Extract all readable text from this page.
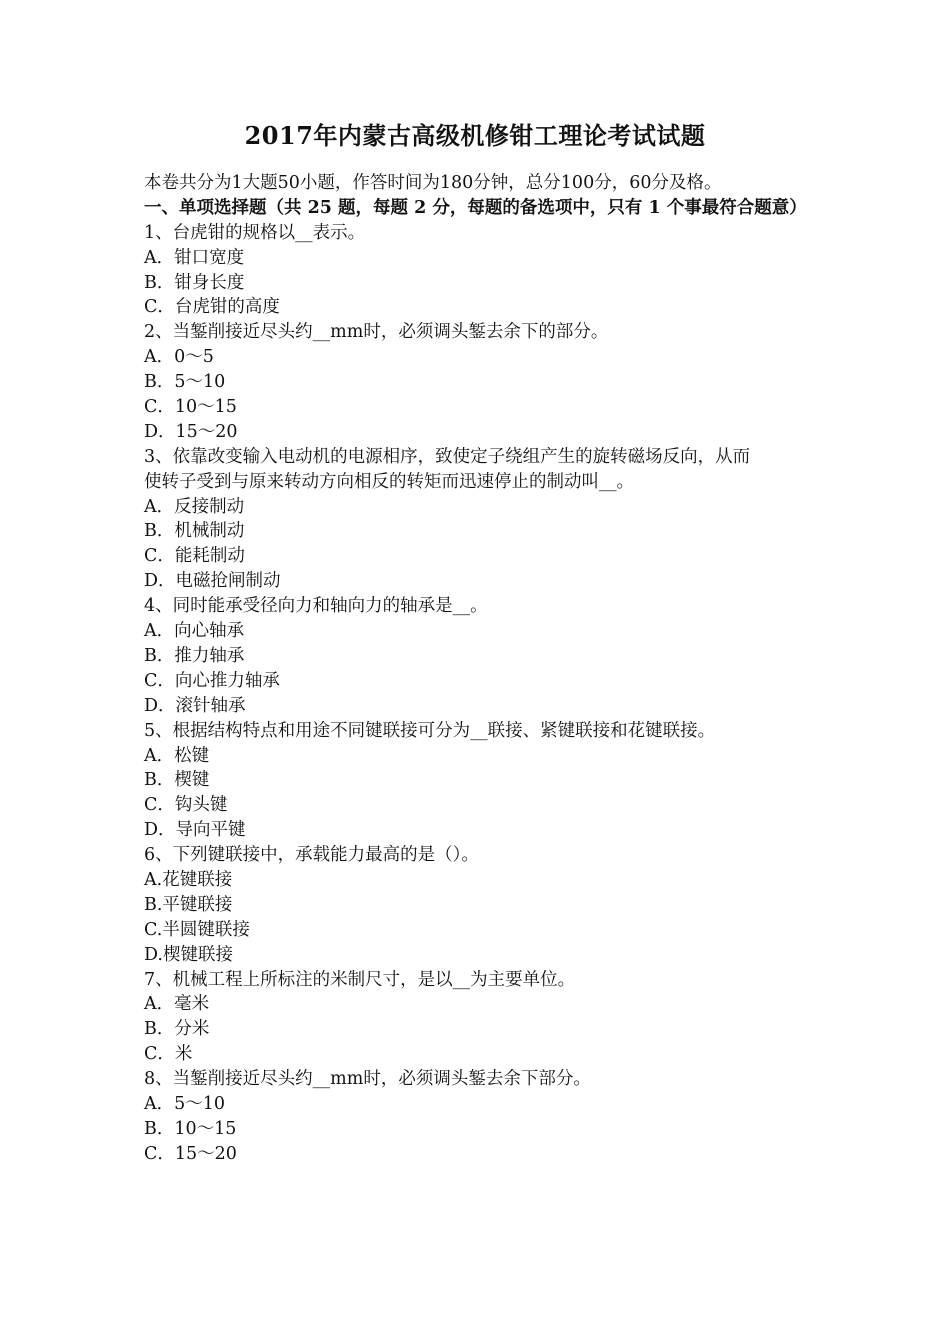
2017年内蒙古高级机修钳工理论考试试题
本卷共分为1大题50小题，作答时间为180分钟，总分100分，60分及格。
一、单项选择题（共 25 题，每题 2 分，每题的备选项中，只有 1 个事最符合题意）
1、台虎钳的规格以__表示。
A．钳口宽度
B．钳身长度
C．台虎钳的高度
2、当錾削接近尽头约__mm时，必须调头錾去余下的部分。
A．0～5
B．5～10
C．10～15
D．15～20
3、依靠改变输入电动机的电源相序，致使定子绕组产生的旋转磁场反向，从而
使转子受到与原来转动方向相反的转矩而迅速停止的制动叫__。
A．反接制动
B．机械制动
C．能耗制动
D．电磁抢闸制动
4、同时能承受径向力和轴向力的轴承是__。
A．向心轴承
B．推力轴承
C．向心推力轴承
D．滚针轴承
5、根据结构特点和用途不同键联接可分为__联接、紧键联接和花键联接。
A．松键
B．楔键
C．钩头键
D．导向平键
6、下列键联接中，承载能力最高的是（）。
A.花键联接
B.平键联接
C.半圆键联接
D.楔键联接
7、机械工程上所标注的米制尺寸，是以__为主要单位。
A．毫米
B．分米
C．米
8、当錾削接近尽头约__mm时，必须调头錾去余下部分。
A．5～10
B．10～15
C．15～20
